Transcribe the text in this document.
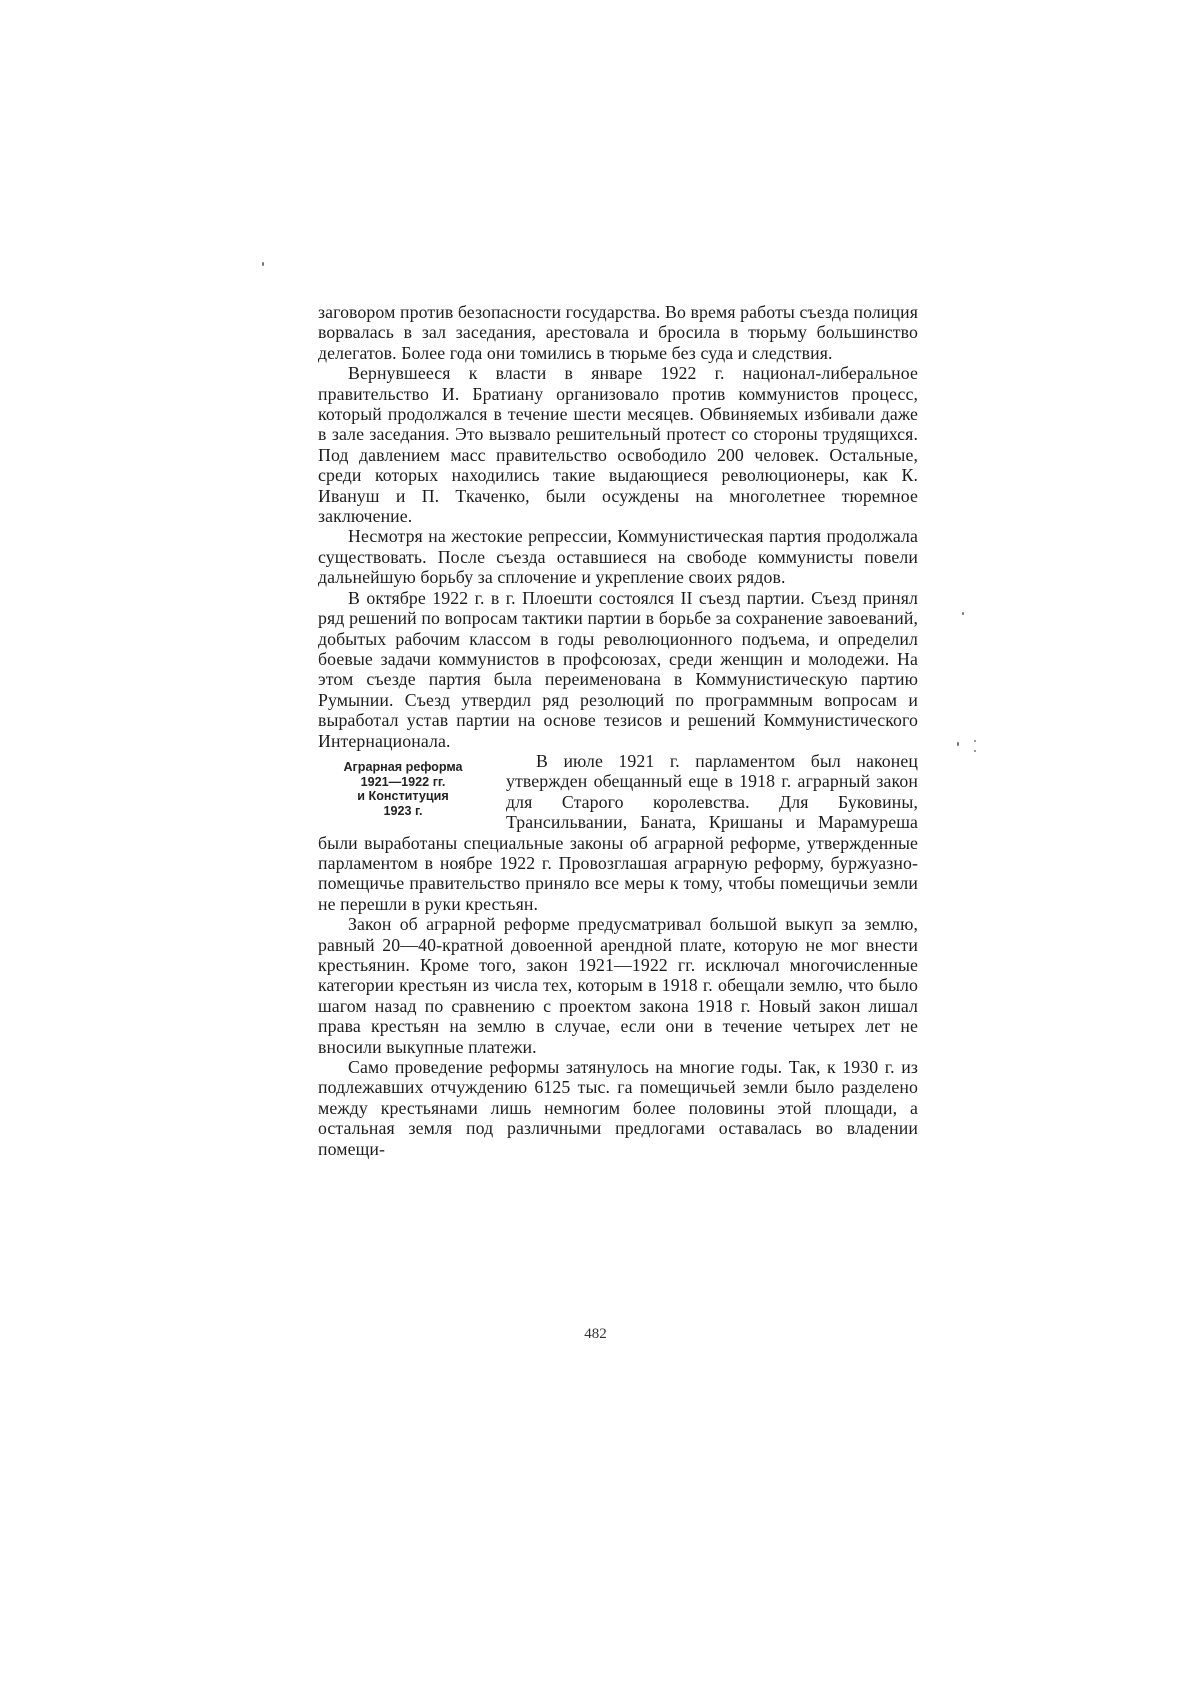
заговором против безопасности государства. Во время работы съезда полиция ворвалась в зал заседания, арестовала и бросила в тюрьму большинство делегатов. Более года они томились в тюрьме без суда и следствия.

Вернувшееся к власти в январе 1922 г. национал-либеральное правительство И. Братиану организовало против коммунистов процесс, который продолжался в течение шести месяцев. Обвиняемых избивали даже в зале заседания. Это вызвало решительный протест со стороны трудящихся. Под давлением масс правительство освободило 200 человек. Остальные, среди которых находились такие выдающиеся революционеры, как К. Ивануш и П. Ткаченко, были осуждены на многолетнее тюремное заключение.

Несмотря на жестокие репрессии, Коммунистическая партия продолжала существовать. После съезда оставшиеся на свободе коммунисты повели дальнейшую борьбу за сплочение и укрепление своих рядов.

В октябре 1922 г. в г. Плоешти состоялся II съезд партии. Съезд принял ряд решений по вопросам тактики партии в борьбе за сохранение завоеваний, добытых рабочим классом в годы революционного подъема, и определил боевые задачи коммунистов в профсоюзах, среди женщин и молодежи. На этом съезде партия была переименована в Коммунистическую партию Румынии. Съезд утвердил ряд резолюций по программным вопросам и выработал устав партии на основе тезисов и решений Коммунистического Интернационала.

Аграрная реформа
1921—1922 гг.
и Конституция
1923 г.

В июле 1921 г. парламентом был наконец утвержден обещанный еще в 1918 г. аграрный закон для Старого королевства. Для Буковины, Трансильвании, Баната, Кришаны и Марамуреша были выработаны специальные законы об аграрной реформе, утвержденные парламентом в ноябре 1922 г. Провозглашая аграрную реформу, буржуазно-помещичье правительство приняло все меры к тому, чтобы помещичьи земли не перешли в руки крестьян.

Закон об аграрной реформе предусматривал большой выкуп за землю, равный 20—40-кратной довоенной арендной плате, которую не мог внести крестьянин. Кроме того, закон 1921—1922 гг. исключал многочисленные категории крестьян из числа тех, которым в 1918 г. обещали землю, что было шагом назад по сравнению с проектом закона 1918 г. Новый закон лишал права крестьян на землю в случае, если они в течение четырех лет не вносили выкупные платежи.

Само проведение реформы затянулось на многие годы. Так, к 1930 г. из подлежавших отчуждению 6125 тыс. га помещичьей земли было разделено между крестьянами лишь немногим более половины этой площади, а остальная земля под различными предлогами оставалась во владении помещи-

482
